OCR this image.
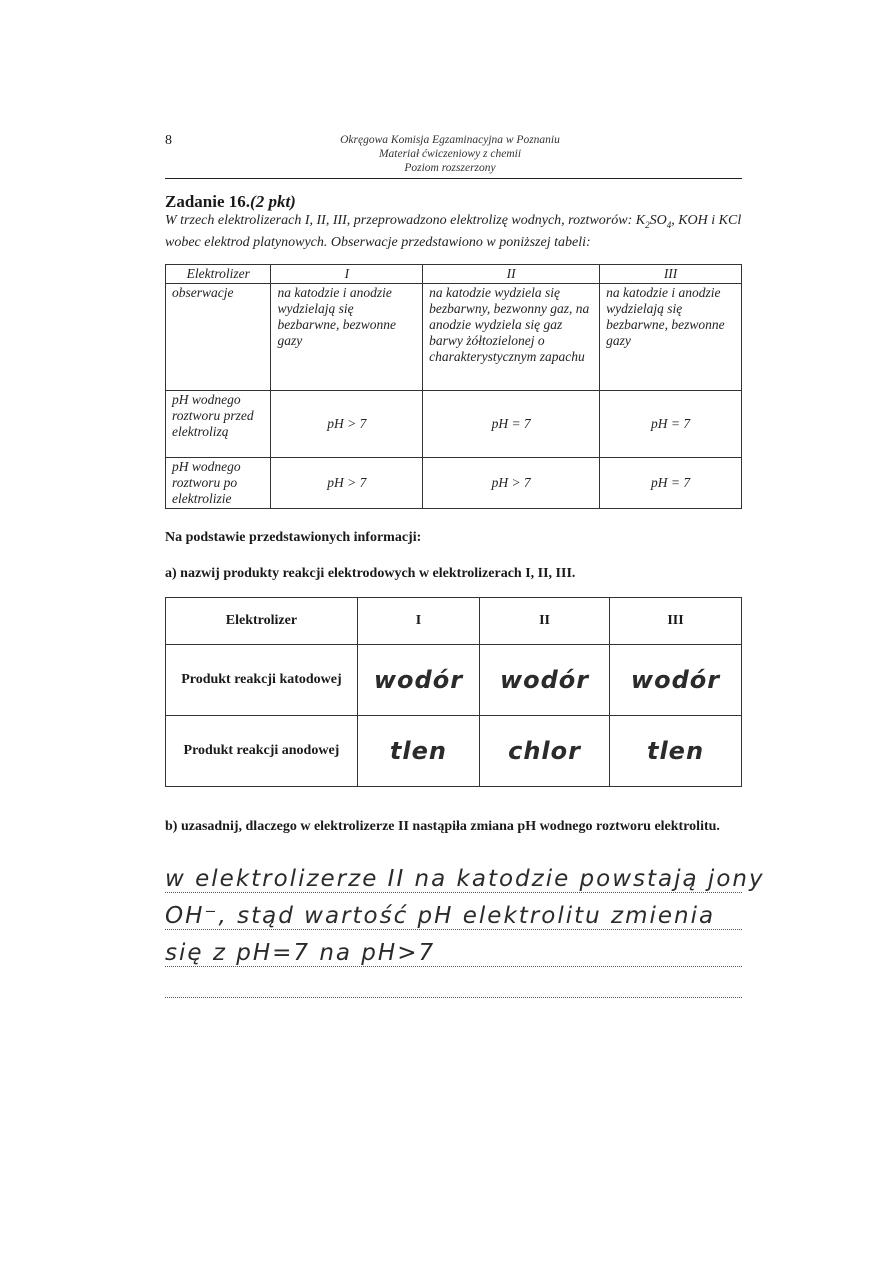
8	Okręgowa Komisja Egzaminacyjna w Poznaniu
Materiał ćwiczeniowy z chemii
Poziom rozszerzony
Zadanie 16.(2 pkt)
W trzech elektrolizerach I, II, III, przeprowadzono elektrolizę wodnych, roztworów: $K_2SO_4$, KOH i KCl wobec elektrod platynowych. Obserwacje przedstawiono w poniższej tabeli:
Elektrolizer	I	II	III
obserwacje	na katodzie i anodzie wydzielają się bezbarwne, bezwonne gazy	na katodzie wydziela się bezbarwny, bezwonny gaz, na anodzie wydziela się gaz barwy żółtozielonej o charakterystycznym zapachu	na katodzie i anodzie wydzielają się bezbarwne, bezwonne gazy
pH wodnego roztworu przed elektrolizą	pH > 7	pH = 7	pH = 7
pH wodnego roztworu po elektrolizie	pH > 7	pH > 7	pH = 7
Na podstawie przedstawionych informacji:
a) nazwij produkty reakcji elektrodowych w elektrolizerach I, II, III.
Elektrolizer	I	II	III
Produkt reakcji katodowej	wodór	wodór	wodór
Produkt reakcji anodowej	tlen	chlor	tlen
b) uzasadnij, dlaczego w elektrolizerze II nastąpiła zmiana pH wodnego roztworu elektrolitu.
w elektrolizerze II na katodzie powstają jony
OH⁻, stąd wartość pH elektrolitu zmienia
się z pH=7 na pH>7
